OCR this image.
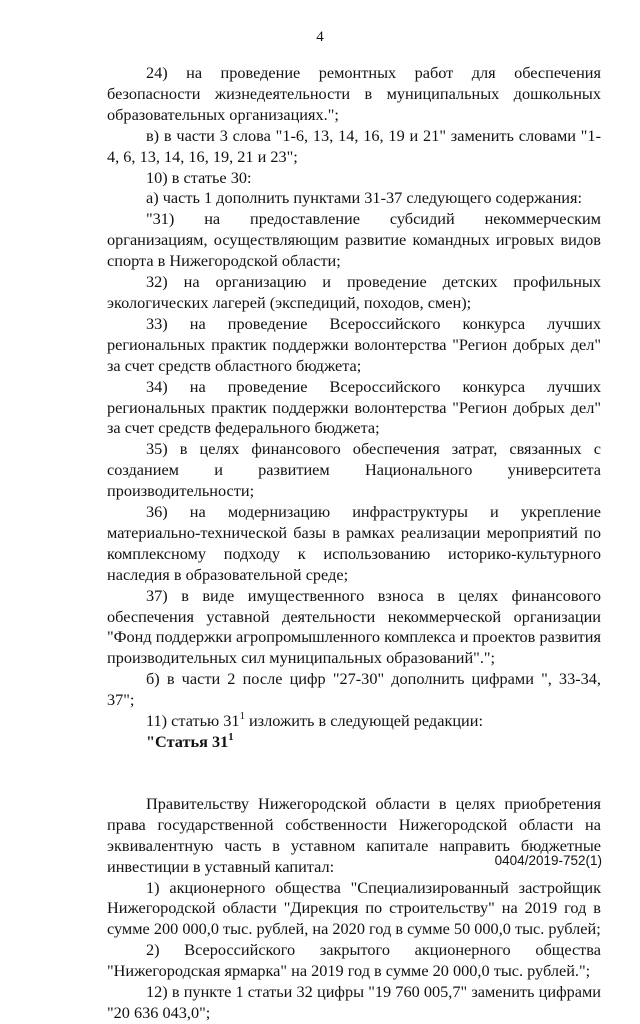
4

24) на проведение ремонтных работ для обеспечения безопасности жизнедеятельности в муниципальных дошкольных образовательных организациях.";

в) в части 3 слова "1-6, 13, 14, 16, 19 и 21" заменить словами "1-4, 6, 13, 14, 16, 19, 21 и 23";

10) в статье 30:

а) часть 1 дополнить пунктами 31-37 следующего содержания:

"31) на предоставление субсидий некоммерческим организациям, осуществляющим развитие командных игровых видов спорта в Нижегородской области;

32) на организацию и проведение детских профильных экологических лагерей (экспедиций, походов, смен);

33) на проведение Всероссийского конкурса лучших региональных практик поддержки волонтерства "Регион добрых дел" за счет средств областного бюджета;

34) на проведение Всероссийского конкурса лучших региональных практик поддержки волонтерства "Регион добрых дел" за счет средств федерального бюджета;

35) в целях финансового обеспечения затрат, связанных с созданием и развитием Национального университета производительности;

36) на модернизацию инфраструктуры и укрепление материально-технической базы в рамках реализации мероприятий по комплексному подходу к использованию историко-культурного наследия в образовательной среде;

37) в виде имущественного взноса в целях финансового обеспечения уставной деятельности некоммерческой организации "Фонд поддержки агропромышленного комплекса и проектов развития производительных сил муниципальных образований".";

б) в части 2 после цифр "27-30" дополнить цифрами ", 33-34, 37";

11) статью $31^1$ изложить в следующей редакции:

"Статья $31^1$

Правительству Нижегородской области в целях приобретения права государственной собственности Нижегородской области на эквивалентную часть в уставном капитале направить бюджетные инвестиции в уставный капитал:

1) акционерного общества "Специализированный застройщик Нижегородской области "Дирекция по строительству" на 2019 год в сумме 200 000,0 тыс. рублей, на 2020 год в сумме 50 000,0 тыс. рублей;

2) Всероссийского закрытого акционерного общества "Нижегородская ярмарка" на 2019 год в сумме 20 000,0 тыс. рублей.";

12) в пункте 1 статьи 32 цифры "19 760 005,7" заменить цифрами "20 636 043,0";

0404/2019-752(1)
